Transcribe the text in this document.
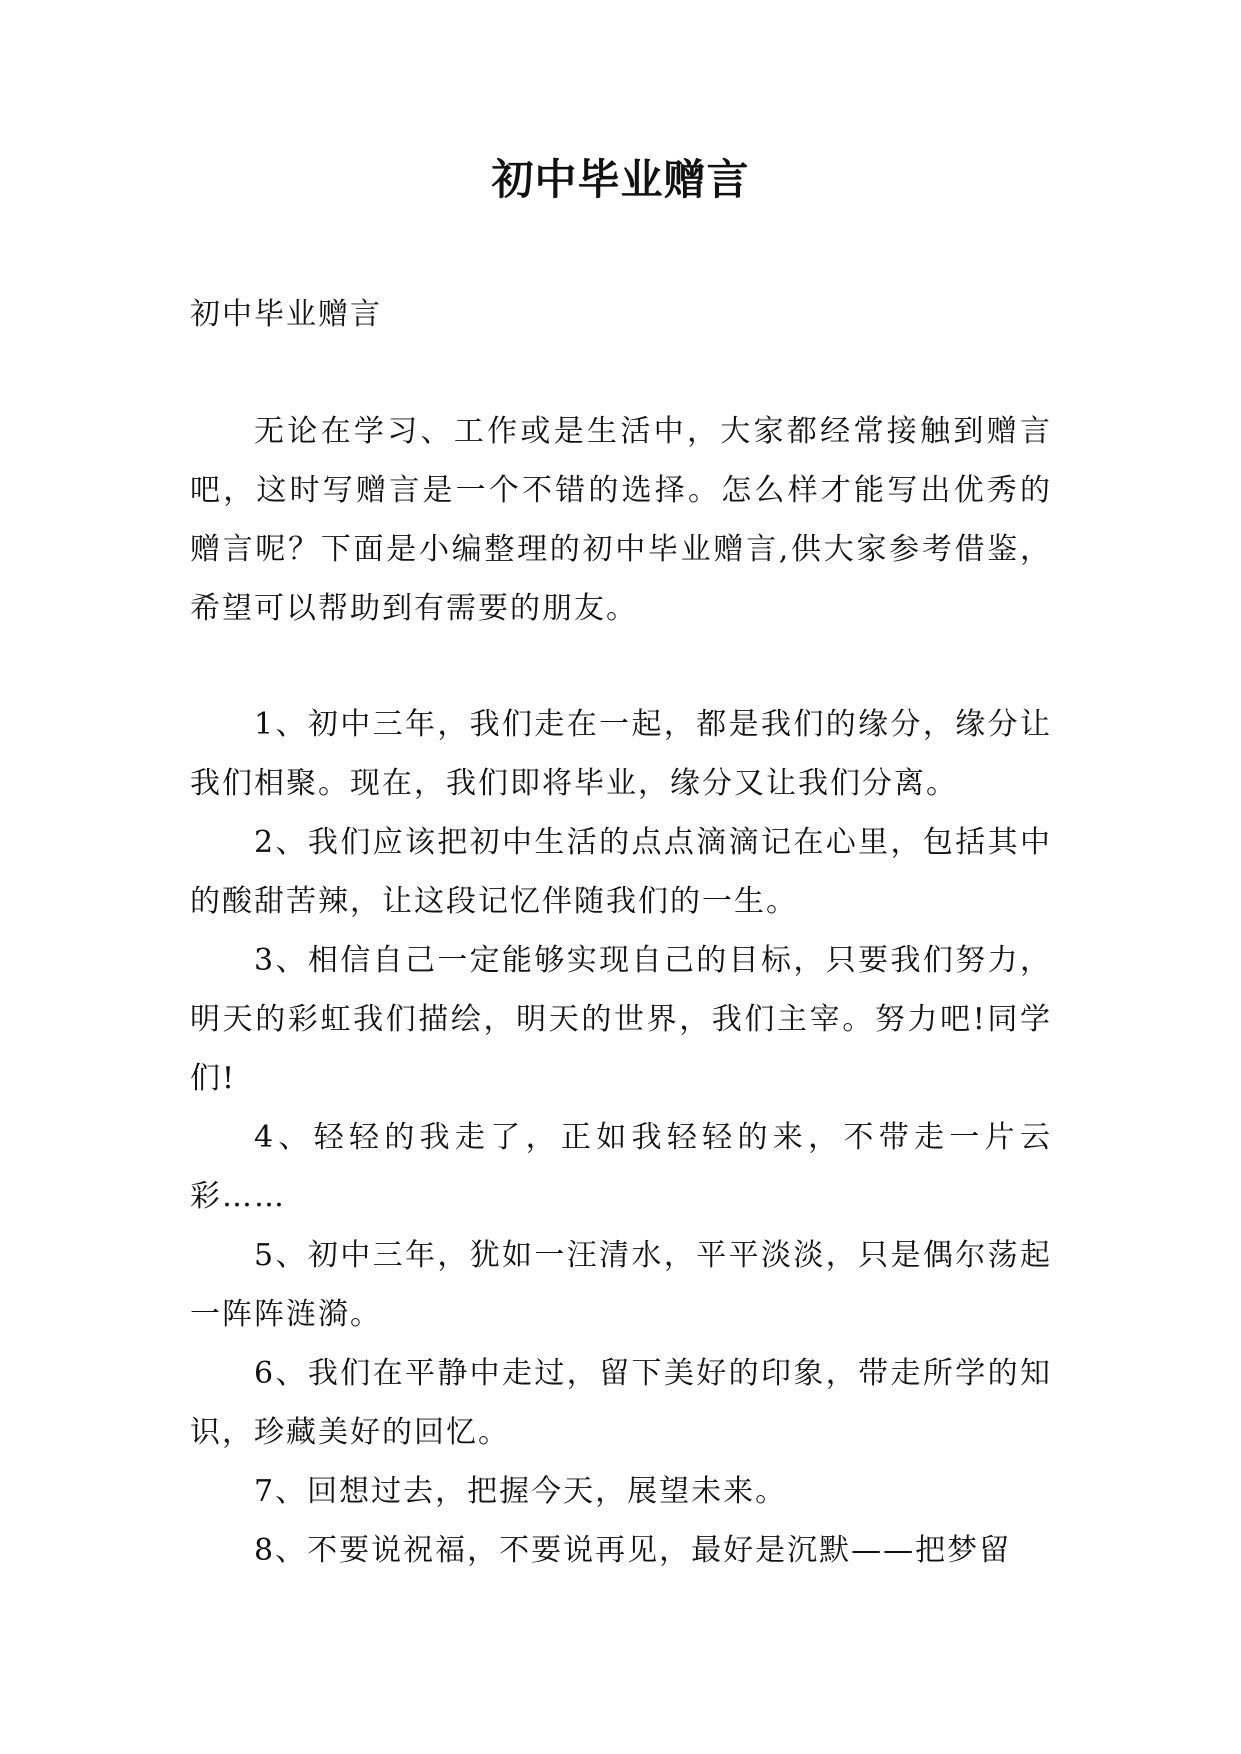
初中毕业赠言
初中毕业赠言
无论在学习、工作或是生活中，大家都经常接触到赠言吧，这时写赠言是一个不错的选择。怎么样才能写出优秀的赠言呢？下面是小编整理的初中毕业赠言,供大家参考借鉴，希望可以帮助到有需要的朋友。

1、初中三年，我们走在一起，都是我们的缘分，缘分让我们相聚。现在，我们即将毕业，缘分又让我们分离。

2、我们应该把初中生活的点点滴滴记在心里，包括其中的酸甜苦辣，让这段记忆伴随我们的一生。

3、相信自己一定能够实现自己的目标，只要我们努力，明天的彩虹我们描绘，明天的世界，我们主宰。努力吧!同学们!

4、轻轻的我走了，正如我轻轻的来，不带走一片云彩……

5、初中三年，犹如一汪清水，平平淡淡，只是偶尔荡起一阵阵涟漪。

6、我们在平静中走过，留下美好的印象，带走所学的知识，珍藏美好的回忆。

7、回想过去，把握今天，展望未来。

8、不要说祝福，不要说再见，最好是沉默——把梦留
